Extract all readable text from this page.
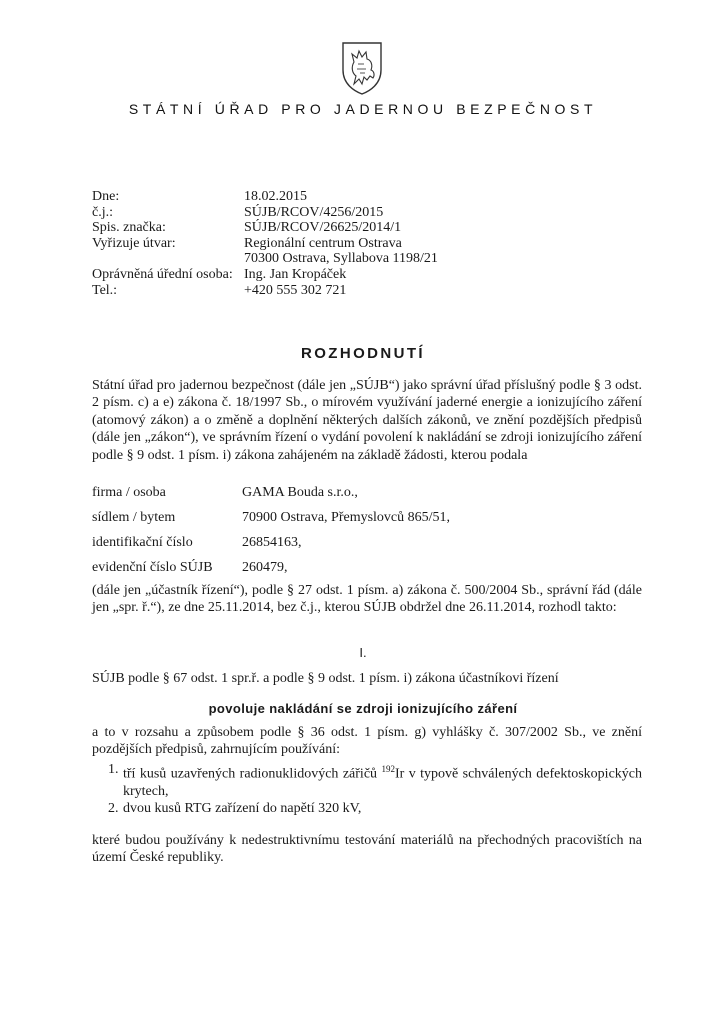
STÁTNÍ ÚŘAD PRO JADERNOU BEZPEČNOST
Dne:	18.02.2015
č.j.:	SÚJB/RCOV/4256/2015
Spis. značka:	SÚJB/RCOV/26625/2014/1
Vyřizuje útvar:	Regionální centrum Ostrava
70300 Ostrava, Syllabova 1198/21
Oprávněná úřední osoba: Ing. Jan Kropáček
Tel.:	+420 555 302 721
ROZHODNUTÍ
Státní úřad pro jadernou bezpečnost (dále jen „SÚJB“) jako správní úřad příslušný podle § 3 odst. 2 písm. c) a e) zákona č. 18/1997 Sb., o mírovém využívání jaderné energie a ionizujícího záření (atomový zákon) a o změně a doplnění některých dalších zákonů, ve znění pozdějších předpisů (dále jen „zákon“), ve správním řízení o vydání povolení k nakládání se zdroji ionizujícího záření podle § 9 odst. 1 písm. i) zákona zahájeném na základě žádosti, kterou podala
firma / osoba	GAMA Bouda s.r.o.,
sídlem / bytem	70900 Ostrava, Přemyslovců 865/51,
identifikační číslo	26854163,
evidenční číslo SÚJB	260479,
(dále jen „účastník řízení“), podle § 27 odst. 1 písm. a) zákona č. 500/2004 Sb., správní řád (dále jen „spr. ř.“), ze dne 25.11.2014, bez č.j., kterou SÚJB obdržel dne 26.11.2014, rozhodl takto:
I.
SÚJB podle § 67 odst. 1 spr.ř. a podle § 9 odst. 1 písm. i) zákona účastníkovi řízení
povoluje nakládání se zdroji ionizujícího záření
a to v rozsahu a způsobem podle § 36 odst. 1 písm. g) vyhlášky č. 307/2002 Sb., ve znění pozdějších předpisů, zahrnujícím používání:
1. tří kusů uzavřených radionuklidových zářičů $^{192}$Ir v typově schválených defektoskopických krytech,
2. dvou kusů RTG zařízení do napětí 320 kV,
které budou používány k nedestruktivnímu testování materiálů na přechodných pracovištích na území České republiky.
